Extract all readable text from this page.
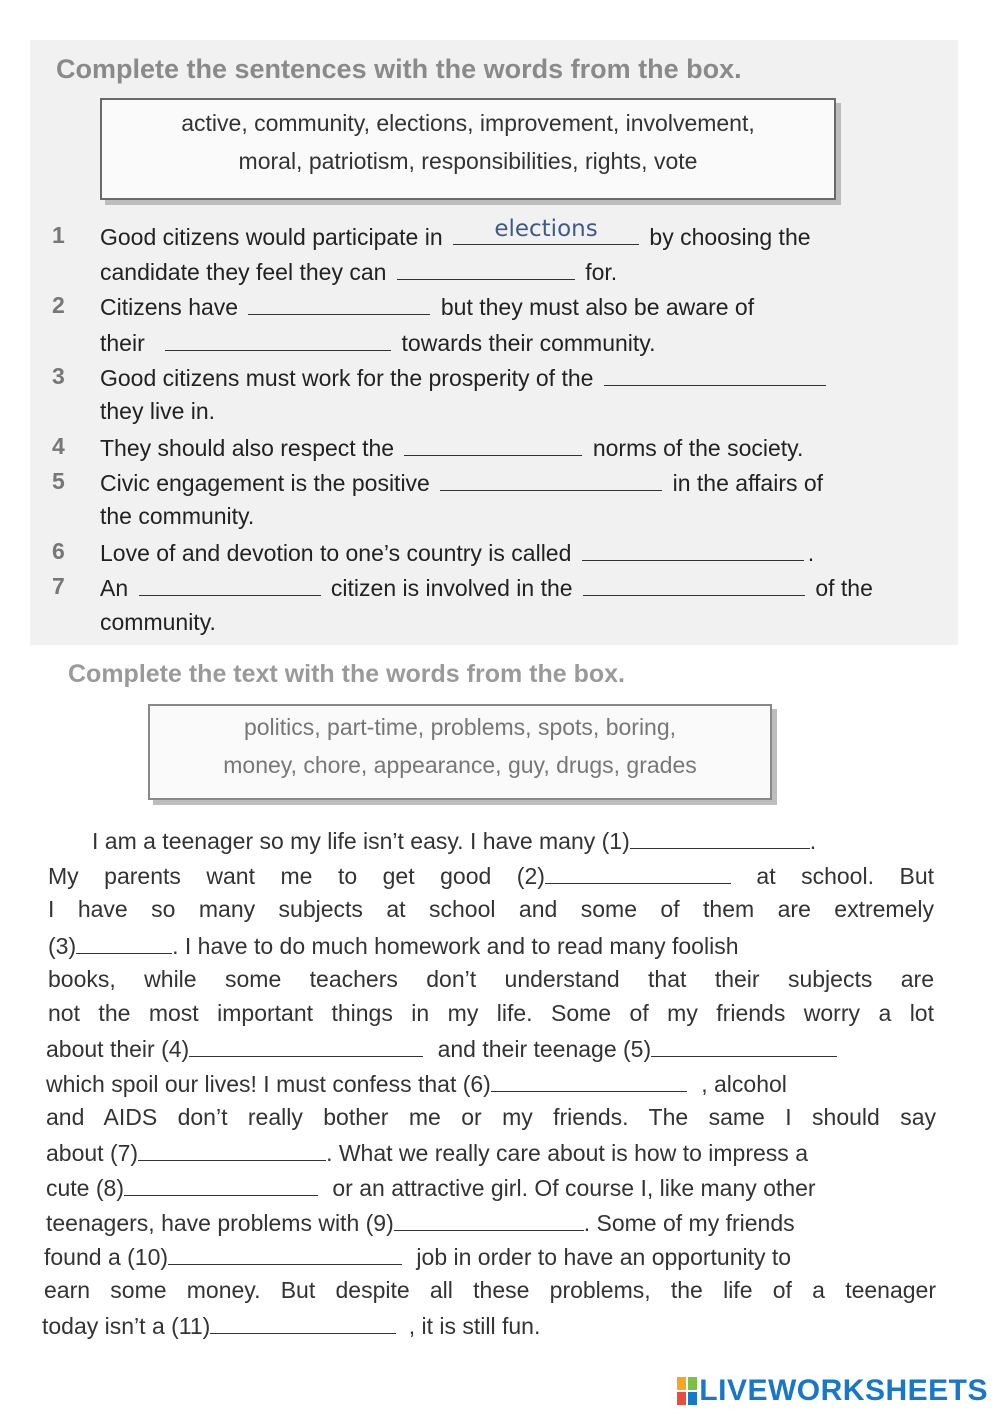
Complete the sentences with the words from the box.
active, community, elections, improvement, involvement,
moral, patriotism, responsibilities, rights, vote
1 Good citizens would participate in	elections	by choosing the
candidate they feel they can	for.
2 Citizens have	but they must also be aware of
their	towards their community.
3 Good citizens must work for the prosperity of the
they live in.
4 They should also respect the	norms of the society.
5 Civic engagement is the positive	in the affairs of
the community.
6 Love of and devotion to one’s country is called	.
7 An	citizen is involved in the	of the
community.
Complete the text with the words from the box.
politics, part-time, problems, spots, boring,
money, chore, appearance, guy, drugs, grades
I am a teenager so my life isn’t easy. I have many (1)	.
My parents want me to get good (2)	at school. But
I have so many subjects at school and some of them are extremely
(3)	. I have to do much homework and to read many foolish
books, while some teachers don’t understand that their subjects are
not the most important things in my life. Some of my friends worry a lot
about their (4)	and their teenage (5)
which spoil our lives! I must confess that (6)	, alcohol
and AIDS don’t really bother me or my friends. The same I should say
about (7)	. What we really care about is how to impress a
cute (8)	or an attractive girl. Of course I, like many other
teenagers, have problems with (9)	. Some of my friends
found a (10)	job in order to have an opportunity to
earn some money. But despite all these problems, the life of a teenager
today isn’t a (11)	, it is still fun.
LIVEWORKSHEETS
